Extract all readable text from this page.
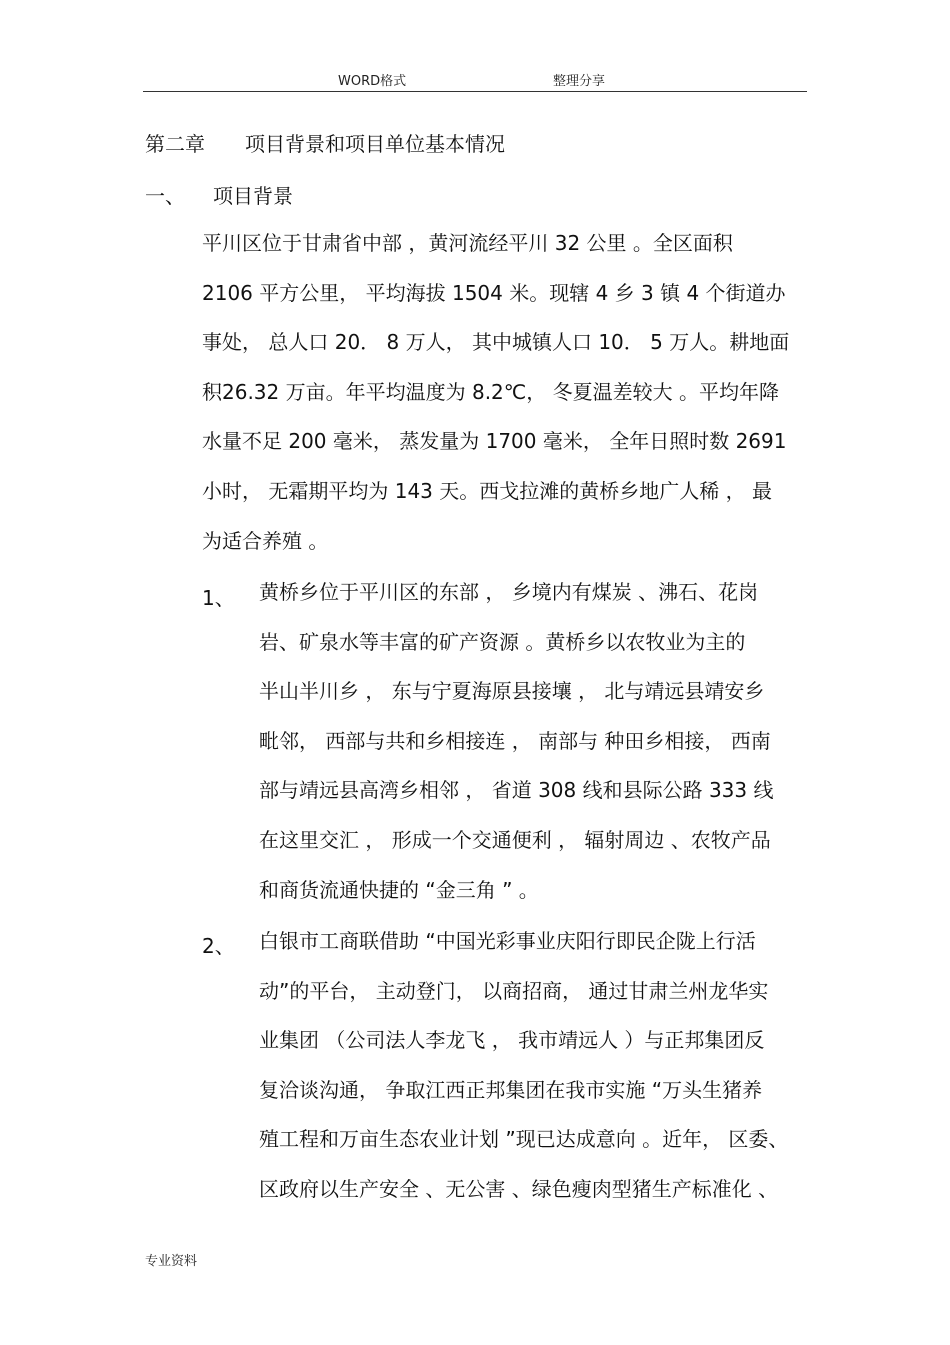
WORD格式	整理分享
第二章 项目背景和项目单位基本情况
一、 项目背景
平川区位于甘肃省中部 ，黄河流经平川 32 公里 。全区面积
2106 平方公里， 平均海拔 1504 米。现辖 4 乡 3 镇 4 个街道办
事处， 总人口 20． 8 万人， 其中城镇人口 10． 5 万人。耕地面
积26.32 万亩。年平均温度为 8.2℃， 冬夏温差较大 。平均年降
水量不足 200 毫米， 蒸发量为 1700 毫米， 全年日照时数 2691
小时， 无霜期平均为 143 天。西戈拉滩的黄桥乡地广人稀 ， 最
为适合养殖 。
1、 黄桥乡位于平川区的东部 ， 乡境内有煤炭 、沸石、花岗
岩、矿泉水等丰富的矿产资源 。黄桥乡以农牧业为主的
半山半川乡 ， 东与宁夏海原县接壤 ， 北与靖远县靖安乡
毗邻， 西部与共和乡相接连 ， 南部与 种田乡相接， 西南
部与靖远县高湾乡相邻 ， 省道 308 线和县际公路 333 线
在这里交汇 ， 形成一个交通便利 ， 辐射周边 、农牧产品
和商货流通快捷的 “金三角 ” 。
2、 白银市工商联借助 “中国光彩事业庆阳行即民企陇上行活
动”的平台， 主动登门， 以商招商， 通过甘肃兰州龙华实
业集团 （公司法人李龙飞 ， 我市靖远人 ）与正邦集团反
复洽谈沟通， 争取江西正邦集团在我市实施 “万头生猪养
殖工程和万亩生态农业计划 ”现已达成意向 。近年， 区委、
区政府以生产安全 、无公害 、绿色瘦肉型猪生产标准化 、
专业资料
